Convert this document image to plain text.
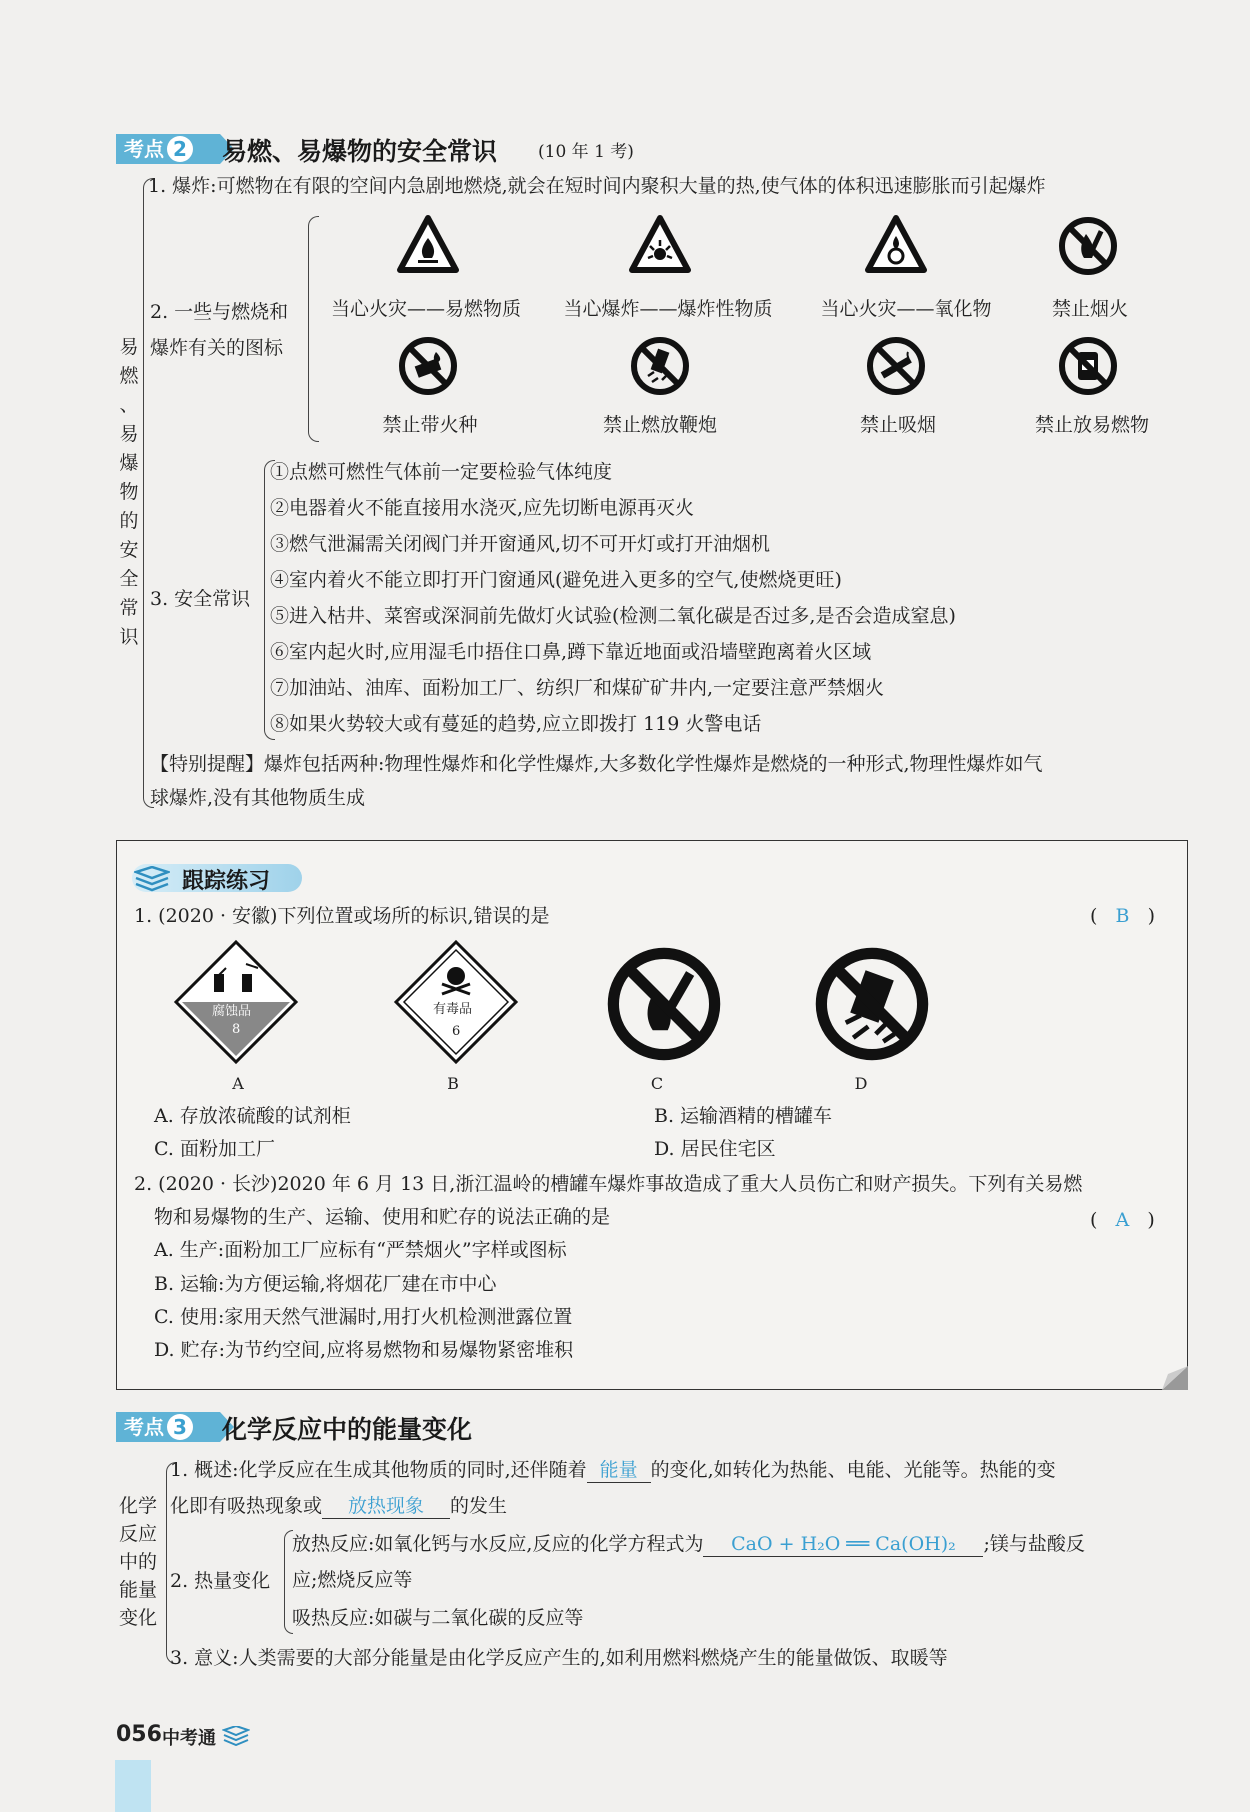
考点 2	易燃、易爆物的安全常识 (10 年 1 考)
易
燃
、
易
爆
物
的
安
全
常
识
1. 爆炸:可燃物在有限的空间内急剧地燃烧,就会在短时间内聚积大量的热,使气体的体积迅速膨胀而引起爆炸
2. 一些与燃烧和
爆炸有关的图标
当心火灾——易燃物质	当心爆炸——爆炸性物质	当心火灾——氧化物	禁止烟火
禁止带火种	禁止燃放鞭炮	禁止吸烟	禁止放易燃物
3. 安全常识
①点燃可燃性气体前一定要检验气体纯度
②电器着火不能直接用水浇灭,应先切断电源再灭火
③燃气泄漏需关闭阀门并开窗通风,切不可开灯或打开油烟机
④室内着火不能立即打开门窗通风(避免进入更多的空气,使燃烧更旺)
⑤进入枯井、菜窖或深洞前先做灯火试验(检测二氧化碳是否过多,是否会造成窒息)
⑥室内起火时,应用湿毛巾捂住口鼻,蹲下靠近地面或沿墙壁跑离着火区域
⑦加油站、油库、面粉加工厂、纺织厂和煤矿矿井内,一定要注意严禁烟火
⑧如果火势较大或有蔓延的趋势,应立即拨打 119 火警电话
【特别提醒】爆炸包括两种:物理性爆炸和化学性爆炸,大多数化学性爆炸是燃烧的一种形式,物理性爆炸如气
球爆炸,没有其他物质生成
跟踪练习
1. (2020 · 安徽)下列位置或场所的标识,错误的是	(   B   )
腐蚀品
8
有毒品
6
A	B	C	D
A. 存放浓硫酸的试剂柜	B. 运输酒精的槽罐车
C. 面粉加工厂	D. 居民住宅区
2. (2020 · 长沙)2020 年 6 月 13 日,浙江温岭的槽罐车爆炸事故造成了重大人员伤亡和财产损失。下列有关易燃
物和易爆物的生产、运输、使用和贮存的说法正确的是	(   A   )
A. 生产:面粉加工厂应标有“严禁烟火”字样或图标
B. 运输:为方便运输,将烟花厂建在市中心
C. 使用:家用天然气泄漏时,用打火机检测泄露位置
D. 贮存:为节约空间,应将易燃物和易爆物紧密堆积
考点 3	化学反应中的能量变化
化学
反应
中的
能量
变化
1. 概述:化学反应在生成其他物质的同时,还伴随着 能量 的变化,如转化为热能、电能、光能等。热能的变
化即有吸热现象或 放热现象 的发生
2. 热量变化
放热反应:如氧化钙与水反应,反应的化学方程式为 CaO + H₂O ══ Ca(OH)₂ ;镁与盐酸反
应;燃烧反应等
吸热反应:如碳与二氧化碳的反应等
3. 意义:人类需要的大部分能量是由化学反应产生的,如利用燃料燃烧产生的能量做饭、取暖等
056 中考通
